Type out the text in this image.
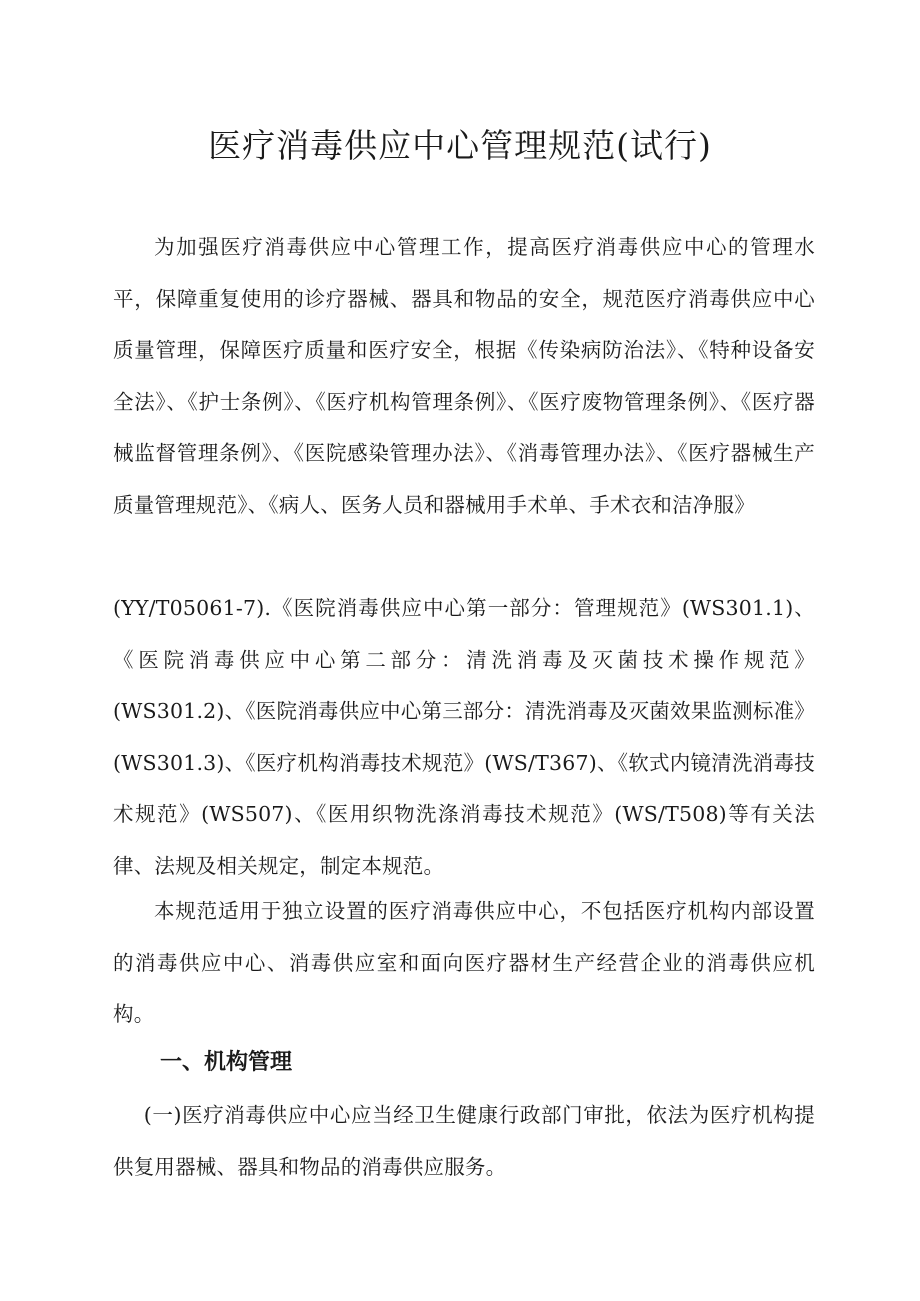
医疗消毒供应中心管理规范(试行)

为加强医疗消毒供应中心管理工作，提高医疗消毒供应中心的管理水平，保障重复使用的诊疗器械、器具和物品的安全，规范医疗消毒供应中心质量管理，保障医疗质量和医疗安全，根据《传染病防治法》、《特种设备安全法》、《护士条例》、《医疗机构管理条例》、《医疗废物管理条例》、《医疗器械监督管理条例》、《医院感染管理办法》、《消毒管理办法》、《医疗器械生产质量管理规范》、《病人、医务人员和器械用手术单、手术衣和洁净服》

(YY/T05061-7).《医院消毒供应中心第一部分：管理规范》(WS301.1)、《医院消毒供应中心第二部分：清洗消毒及灭菌技术操作规范》(WS301.2)、《医院消毒供应中心第三部分：清洗消毒及灭菌效果监测标准》(WS301.3)、《医疗机构消毒技术规范》(WS/T367)、《软式内镜清洗消毒技术规范》(WS507)、《医用织物洗涤消毒技术规范》(WS/T508)等有关法律、法规及相关规定，制定本规范。

本规范适用于独立设置的医疗消毒供应中心，不包括医疗机构内部设置的消毒供应中心、消毒供应室和面向医疗器材生产经营企业的消毒供应机构。

一、机构管理

(一)医疗消毒供应中心应当经卫生健康行政部门审批，依法为医疗机构提供复用器械、器具和物品的消毒供应服务。
